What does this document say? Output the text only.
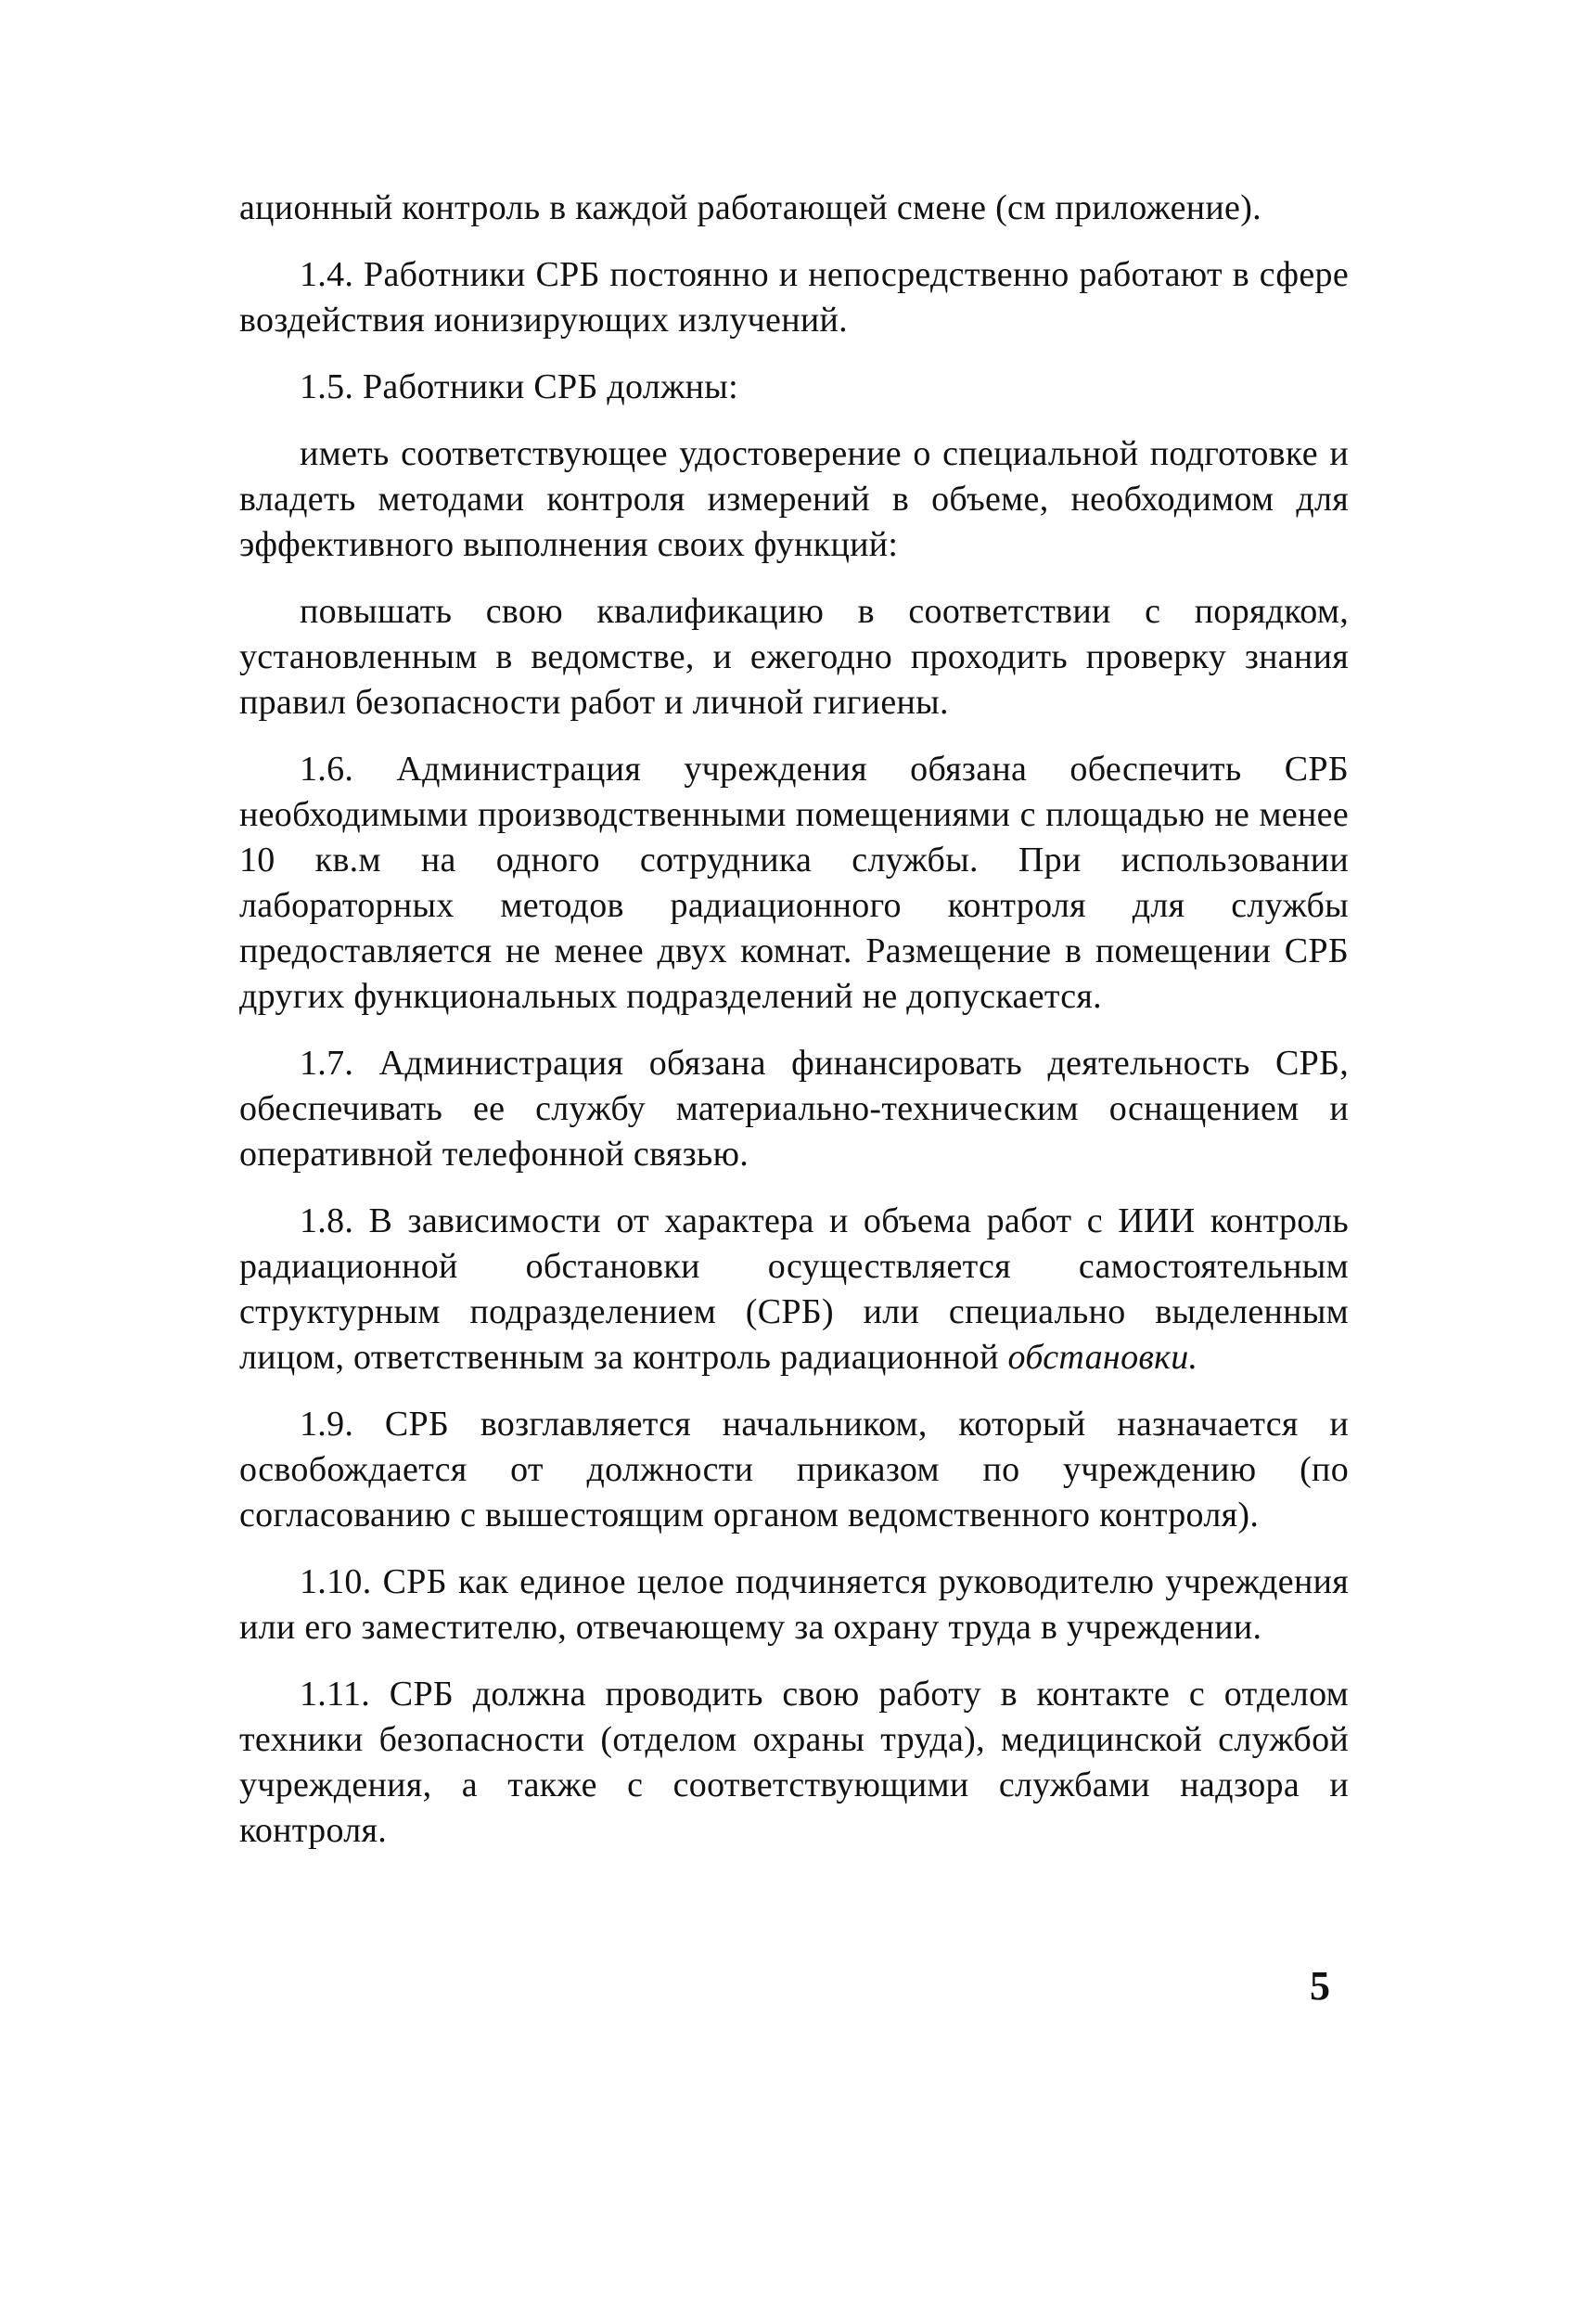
ационный контроль в каждой работающей смене (см приложение).

1.4. Работники СРБ постоянно и непосредственно работают в сфере воздействия ионизирующих излучений.

1.5. Работники СРБ должны:

иметь соответствующее удостоверение о специальной подготовке и владеть методами контроля измерений в объеме, необходимом для эффективного выполнения своих функций:

повышать свою квалификацию в соответствии с порядком, установленным в ведомстве, и ежегодно проходить проверку знания правил безопасности работ и личной гигиены.

1.6. Администрация учреждения обязана обеспечить СРБ необходимыми производственными помещениями с площадью не менее 10 кв.м на одного сотрудника службы. При использовании лабораторных методов радиационного контроля для службы предоставляется не менее двух комнат. Размещение в помещении СРБ других функциональных подразделений не допускается.

1.7. Администрация обязана финансировать деятельность СРБ, обеспечивать ее службу материально-техническим оснащением и оперативной телефонной связью.

1.8. В зависимости от характера и объема работ с ИИИ контроль радиационной обстановки осуществляется самостоятельным структурным подразделением (СРБ) или специально выделенным лицом, ответственным за контроль радиационной обстановки.

1.9. СРБ возглавляется начальником, который назначается и освобождается от должности приказом по учреждению (по согласованию с вышестоящим органом ведомственного контроля).

1.10. СРБ как единое целое подчиняется руководителю учреждения или его заместителю, отвечающему за охрану труда в учреждении.

1.11. СРБ должна проводить свою работу в контакте с отделом техники безопасности (отделом охраны труда), медицинской службой учреждения, а также с соответствующими службами надзора и контроля.

5
